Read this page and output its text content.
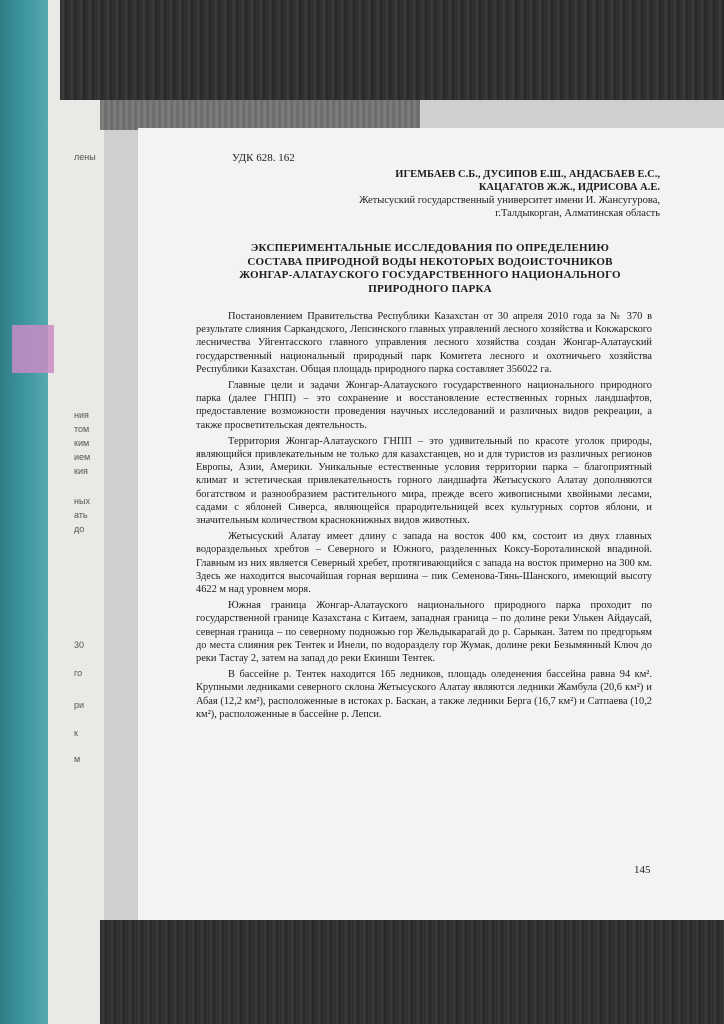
лены
ния
том
ким
ием
кия
ных
ать
до
30
го
ри
к
м
УДК 628. 162
ИГЕМБАЕВ С.Б., ДУСИПОВ Е.Ш., АНДАСБАЕВ Е.С.,
КАЦАГАТОВ Ж.Ж., ИДРИСОВА А.Е.
Жетысуский государственный университет имени И. Жансугурова,
г.Талдыкорган, Алматинская область
ЭКСПЕРИМЕНТАЛЬНЫЕ ИССЛЕДОВАНИЯ ПО ОПРЕДЕЛЕНИЮ
СОСТАВА ПРИРОДНОЙ ВОДЫ НЕКОТОРЫХ ВОДОИСТОЧНИКОВ
ЖОНГАР-АЛАТАУСКОГО ГОСУДАРСТВЕННОГО НАЦИОНАЛЬНОГО
ПРИРОДНОГО ПАРКА

Постановлением Правительства Республики Казахстан от 30 апреля 2010 года за № 370 в результате слияния Саркандского, Лепсинского главных управлений лесного хозяйства и Кокжарского лесничества Уйгентасского главного управления лесного хозяйства создан Жонгар-Алатауский государственный национальный природный парк Комитета лесного и охотничьего хозяйства Республики Казахстан. Общая площадь природного парка составляет 356022 га.

Главные цели и задачи Жонгар-Алатауского государственного национального природного парка (далее ГНПП) – это сохранение и восстановление естественных горных ландшафтов, предоставление возможности проведения научных исследований и различных видов рекреации, а также просветительская деятельность.

Территория Жонгар-Алатауского ГНПП – это удивительный по красоте уголок природы, являющийся привлекательным не только для казахстанцев, но и для туристов из различных регионов Европы, Азии, Америки. Уникальные естественные условия территории парка – благоприятный климат и эстетическая привлекательность горного ландшафта Жетысуского Алатау дополняются богатством и разнообразием растительного мира, прежде всего живописными хвойными лесами, садами с яблоней Сиверса, являющейся прародительницей всех культурных сортов яблони, и значительным количеством краснокнижных видов животных.

Жетысуский Алатау имеет длину с запада на восток 400 км, состоит из двух главных водораздельных хребтов – Северного и Южного, разделенных Коксу-Бороталинской впадиной. Главным из них является Северный хребет, протягивающийся с запада на восток примерно на 300 км. Здесь же находится высочайшая горная вершина – пик Семенова-Тянь-Шанского, имеющий высоту 4622 м над уровнем моря.

Южная граница Жонгар-Алатауского национального природного парка проходит по государственной границе Казахстана с Китаем, западная граница – по долине реки Улькен Айдаусай, северная граница – по северному подножью гор Жельдыкарагай до р. Сарыкан. Затем по предгорьям до места слияния рек Тентек и Инели, по водоразделу гор Жумак, долине реки Безымянный Ключ до реки Тастау 2, затем на запад до реки Екинши Тентек.

В бассейне р. Тентек находится 165 ледников, площадь оледенения бассейна равна 94 км². Крупными ледниками северного склона Жетысуского Алатау являются ледники Жамбула (20,6 км²) и Абая (12,2 км²), расположенные в истоках р. Баскан, а также ледники Берга (16,7 км²) и Сатпаева (10,2 км²), расположенные в бассейне р. Лепси.

145
